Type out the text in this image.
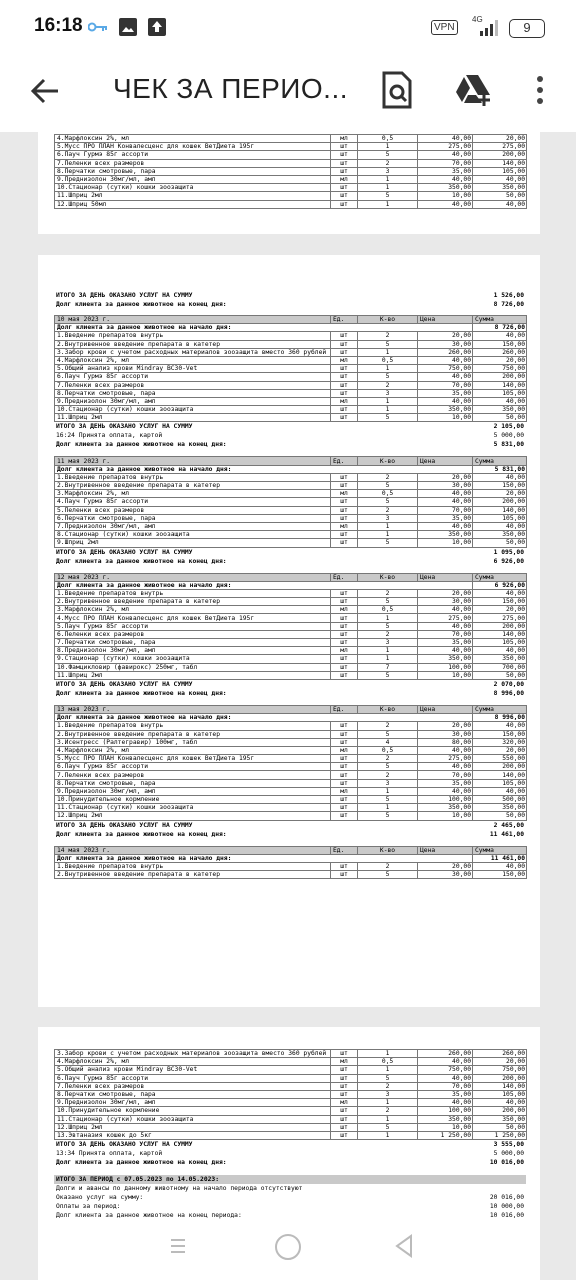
16:18	VPN
4G
9
ЧЕК ЗА ПЕРИО...
4.Марфлоксин 2%, мл	мл	0,5	40,00	20,00
5.Мусс ПРО ПЛАН Конвалесценс для кошек ВетДиета 195г	шт	1	275,00	275,00
6.Пауч Гурмэ 85г ассорти	шт	5	40,00	200,00
7.Пеленки всех размеров	шт	2	70,00	140,00
8.Перчатки смотровые, пара	шт	3	35,00	105,00
9.Преднизолон 30мг/мл, амп	мл	1	40,00	40,00
10.Стационар (сутки) кошки зоозащита	шт	1	350,00	350,00
11.Шприц 2мл	шт	5	10,00	50,00
12.Шприц 50мл	шт	1	40,00	40,00
ИТОГО ЗА ДЕНЬ ОКАЗАНО УСЛУГ НА СУММУ	1 526,00
Долг клиента за данное животное на конец дня:	8 726,00
10 мая 2023 г.	Ед.	К-во	Цена	Сумма
Долг клиента за данное животное на начало дня:				8 726,00
1.Введение препаратов внутрь	шт	2	20,00	40,00
2.Внутривенное введение препарата в катетер	шт	5	30,00	150,00
3.Забор крови с учетом расходных материалов зоозащита вместо 360 рублей	шт	1	260,00	260,00
4.Марфлоксин 2%, мл	мл	0,5	40,00	20,00
5.Общий анализ крови Mindray BC30-Vet	шт	1	750,00	750,00
6.Пауч Гурмэ 85г ассорти	шт	5	40,00	200,00
7.Пеленки всех размеров	шт	2	70,00	140,00
8.Перчатки смотровые, пара	шт	3	35,00	105,00
9.Преднизолон 30мг/мл, амп	мл	1	40,00	40,00
10.Стационар (сутки) кошки зоозащита	шт	1	350,00	350,00
11.Шприц 2мл	шт	5	10,00	50,00
ИТОГО ЗА ДЕНЬ ОКАЗАНО УСЛУГ НА СУММУ	2 105,00
16:24 Принята оплата, картой	5 000,00
Долг клиента за данное животное на конец дня:	5 831,00
11 мая 2023 г.	Ед.	К-во	Цена	Сумма
Долг клиента за данное животное на начало дня:				5 831,00
1.Введение препаратов внутрь	шт	2	20,00	40,00
2.Внутривенное введение препарата в катетер	шт	5	30,00	150,00
3.Марфлоксин 2%, мл	мл	0,5	40,00	20,00
4.Пауч Гурмэ 85г ассорти	шт	5	40,00	200,00
5.Пеленки всех размеров	шт	2	70,00	140,00
6.Перчатки смотровые, пара	шт	3	35,00	105,00
7.Преднизолон 30мг/мл, амп	мл	1	40,00	40,00
8.Стационар (сутки) кошки зоозащита	шт	1	350,00	350,00
9.Шприц 2мл	шт	5	10,00	50,00
ИТОГО ЗА ДЕНЬ ОКАЗАНО УСЛУГ НА СУММУ	1 095,00
Долг клиента за данное животное на конец дня:	6 926,00
12 мая 2023 г.	Ед.	К-во	Цена	Сумма
Долг клиента за данное животное на начало дня:				6 926,00
1.Введение препаратов внутрь	шт	2	20,00	40,00
2.Внутривенное введение препарата в катетер	шт	5	30,00	150,00
3.Марфлоксин 2%, мл	мл	0,5	40,00	20,00
4.Мусс ПРО ПЛАН Конвалесценс для кошек ВетДиета 195г	шт	1	275,00	275,00
5.Пауч Гурмэ 85г ассорти	шт	5	40,00	200,00
6.Пеленки всех размеров	шт	2	70,00	140,00
7.Перчатки смотровые, пара	шт	3	35,00	105,00
8.Преднизолон 30мг/мл, амп	мл	1	40,00	40,00
9.Стационар (сутки) кошки зоозащита	шт	1	350,00	350,00
10.Фамцикловир (фавирокс) 250мг, табл	шт	7	100,00	700,00
11.Шприц 2мл	шт	5	10,00	50,00
ИТОГО ЗА ДЕНЬ ОКАЗАНО УСЛУГ НА СУММУ	2 070,00
Долг клиента за данное животное на конец дня:	8 996,00
13 мая 2023 г.	Ед.	К-во	Цена	Сумма
Долг клиента за данное животное на начало дня:				8 996,00
1.Введение препаратов внутрь	шт	2	20,00	40,00
2.Внутривенное введение препарата в катетер	шт	5	30,00	150,00
3.Исентресс (Ралтегравир) 100мг, табл	шт	4	80,00	320,00
4.Марфлоксин 2%, мл	мл	0,5	40,00	20,00
5.Мусс ПРО ПЛАН Конвалесценс для кошек ВетДиета 195г	шт	2	275,00	550,00
6.Пауч Гурмэ 85г ассорти	шт	5	40,00	200,00
7.Пеленки всех размеров	шт	2	70,00	140,00
8.Перчатки смотровые, пара	шт	3	35,00	105,00
9.Преднизолон 30мг/мл, амп	мл	1	40,00	40,00
10.Принудительное кормление	шт	5	100,00	500,00
11.Стационар (сутки) кошки зоозащита	шт	1	350,00	350,00
12.Шприц 2мл	шт	5	10,00	50,00
ИТОГО ЗА ДЕНЬ ОКАЗАНО УСЛУГ НА СУММУ	2 465,00
Долг клиента за данное животное на конец дня:	11 461,00
14 мая 2023 г.	Ед.	К-во	Цена	Сумма
Долг клиента за данное животное на начало дня:				11 461,00
1.Введение препаратов внутрь	шт	2	20,00	40,00
2.Внутривенное введение препарата в катетер	шт	5	30,00	150,00
3.Забор крови с учетом расходных материалов зоозащита вместо 360 рублей	шт	1	260,00	260,00
4.Марфлоксин 2%, мл	мл	0,5	40,00	20,00
5.Общий анализ крови Mindray BC30-Vet	шт	1	750,00	750,00
6.Пауч Гурмэ 85г ассорти	шт	5	40,00	200,00
7.Пеленки всех размеров	шт	2	70,00	140,00
8.Перчатки смотровые, пара	шт	3	35,00	105,00
9.Преднизолон 30мг/мл, амп	мл	1	40,00	40,00
10.Принудительное кормление	шт	2	100,00	200,00
11.Стационар (сутки) кошки зоозащита	шт	1	350,00	350,00
12.Шприц 2мл	шт	5	10,00	50,00
13.Эвтаназия кошек до 5кг	шт	1	1 250,00	1 250,00
ИТОГО ЗА ДЕНЬ ОКАЗАНО УСЛУГ НА СУММУ	3 555,00
13:34 Принята оплата, картой	5 000,00
Долг клиента за данное животное на конец дня:	10 016,00
ИТОГО ЗА ПЕРИОД с 07.05.2023 по 14.05.2023:
Долги и авансы по данному животному на начало периода отсутствуют
Оказано услуг на сумму:	20 016,00
Оплаты за период:	10 000,00
Долг клиента за данное животное на конец периода:	10 016,00
